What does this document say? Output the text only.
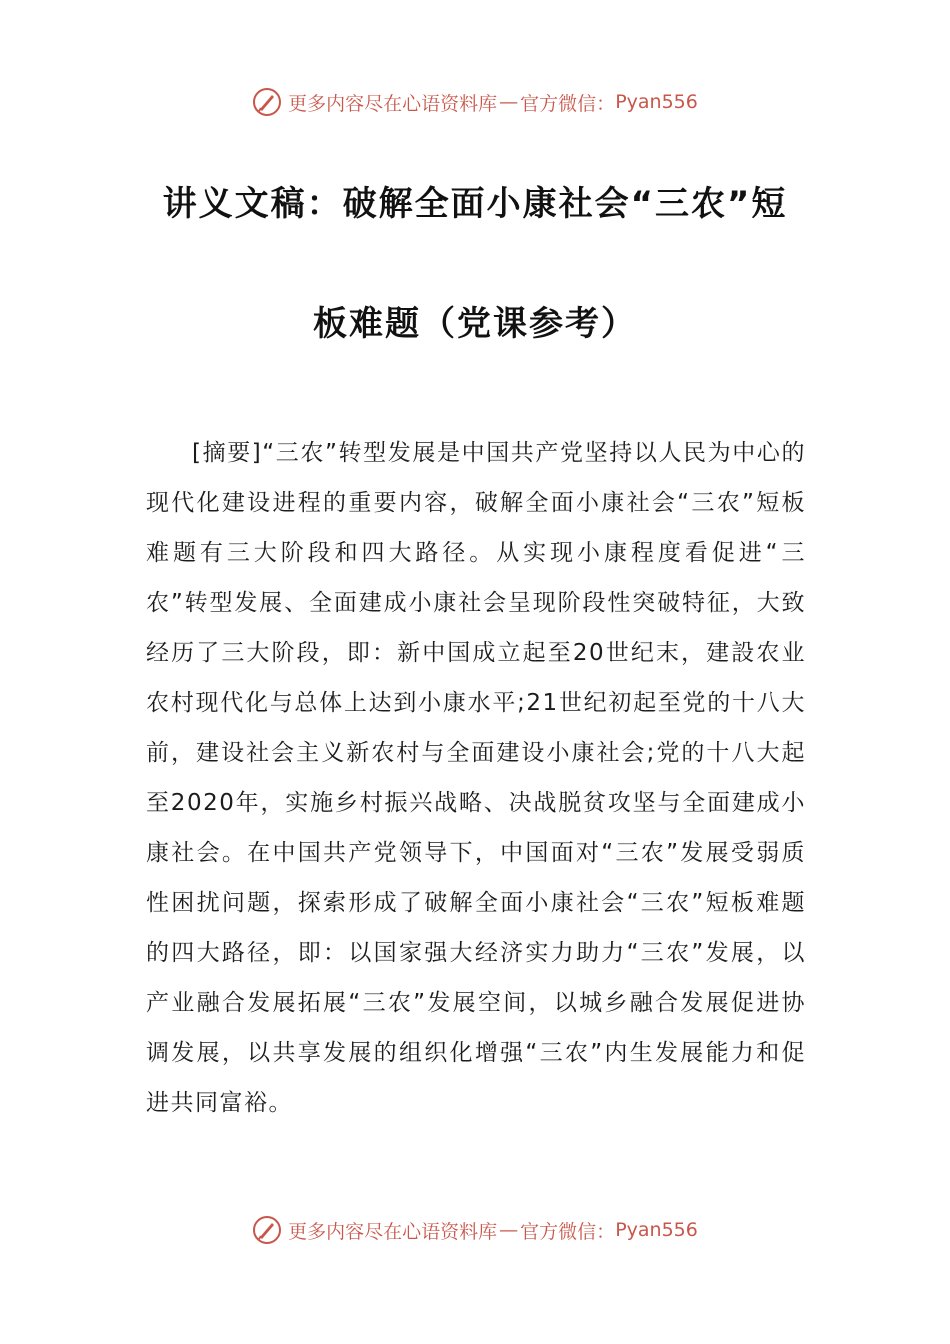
更多内容尽在心语资料库 — 官方微信： Pyan556
讲义文稿：破解全面小康社会“三农”短
板难题（党课参考）
[摘要]“三农”转型发展是中国共产党坚持以人民为中心的现代化建设进程的重要内容，破解全面小康社会“三农”短板难题有三大阶段和四大路径。从实现小康程度看促进“三农”转型发展、全面建成小康社会呈现阶段性突破特征，大致经历了三大阶段，即：新中国成立起至20世纪末，建設农业农村现代化与总体上达到小康水平;21世纪初起至党的十八大前，建设社会主义新农村与全面建设小康社会;党的十八大起至2020年，实施乡村振兴战略、决战脱贫攻坚与全面建成小康社会。在中国共产党领导下，中国面对“三农”发展受弱质性困扰问题，探索形成了破解全面小康社会“三农”短板难题的四大路径，即：以国家强大经济实力助力“三农”发展，以产业融合发展拓展“三农”发展空间，以城乡融合发展促进协调发展，以共享发展的组织化增强“三农”内生发展能力和促进共同富裕。
更多内容尽在心语资料库 — 官方微信： Pyan556
